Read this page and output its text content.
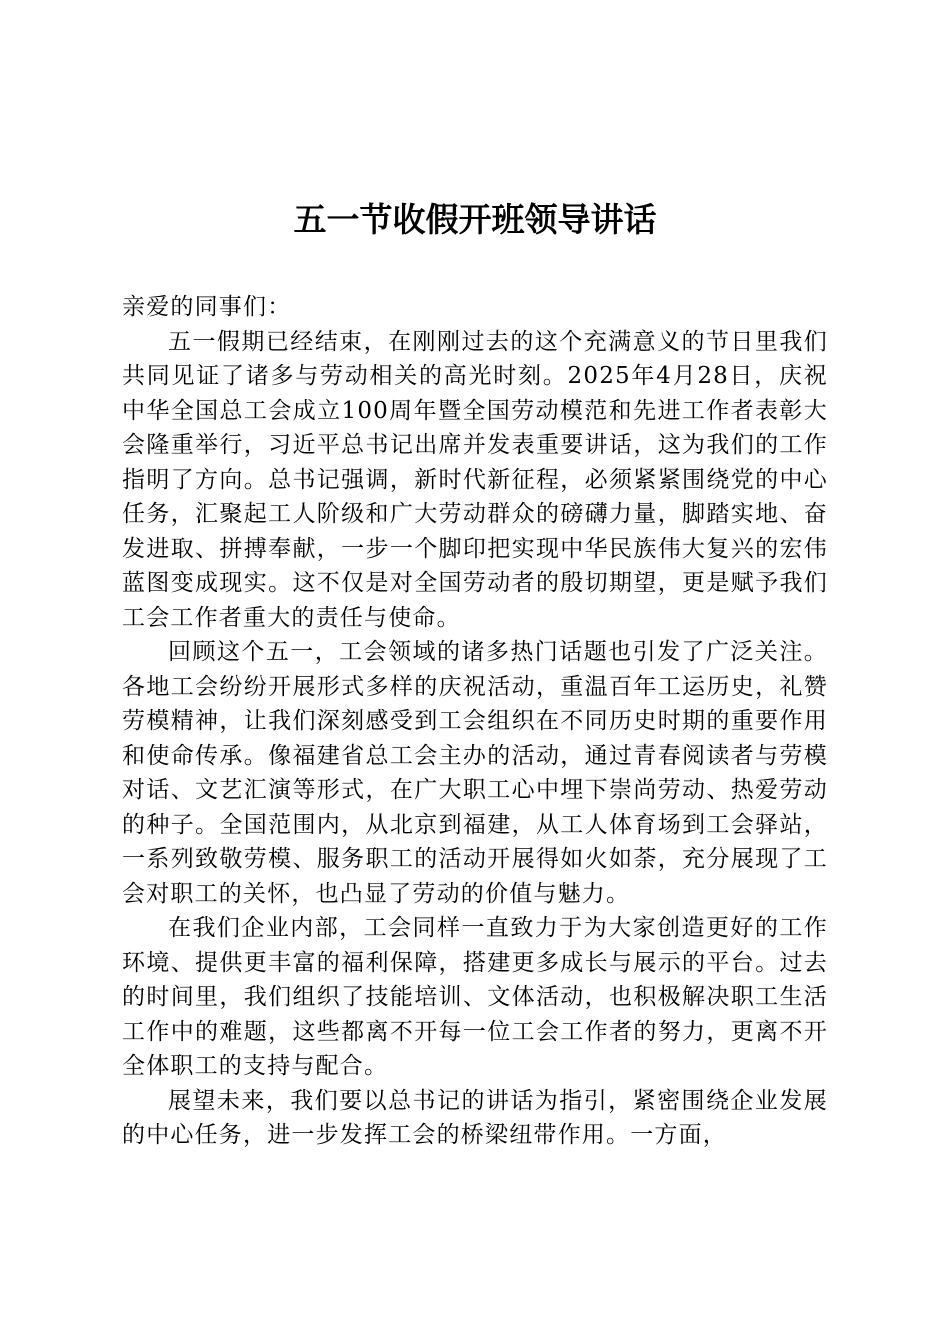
五一节收假开班领导讲话

亲爱的同事们：

五一假期已经结束，在刚刚过去的这个充满意义的节日里我们共同见证了诸多与劳动相关的高光时刻。2025年4月28日，庆祝中华全国总工会成立100周年暨全国劳动模范和先进工作者表彰大会隆重举行，习近平总书记出席并发表重要讲话，这为我们的工作指明了方向。总书记强调，新时代新征程，必须紧紧围绕党的中心任务，汇聚起工人阶级和广大劳动群众的磅礴力量，脚踏实地、奋发进取、拼搏奉献，一步一个脚印把实现中华民族伟大复兴的宏伟蓝图变成现实。这不仅是对全国劳动者的殷切期望，更是赋予我们工会工作者重大的责任与使命。

回顾这个五一，工会领域的诸多热门话题也引发了广泛关注。各地工会纷纷开展形式多样的庆祝活动，重温百年工运历史，礼赞劳模精神，让我们深刻感受到工会组织在不同历史时期的重要作用和使命传承。像福建省总工会主办的活动，通过青春阅读者与劳模对话、文艺汇演等形式，在广大职工心中埋下崇尚劳动、热爱劳动的种子。全国范围内，从北京到福建，从工人体育场到工会驿站，一系列致敬劳模、服务职工的活动开展得如火如荼，充分展现了工会对职工的关怀，也凸显了劳动的价值与魅力。

在我们企业内部，工会同样一直致力于为大家创造更好的工作环境、提供更丰富的福利保障，搭建更多成长与展示的平台。过去的时间里，我们组织了技能培训、文体活动，也积极解决职工生活工作中的难题，这些都离不开每一位工会工作者的努力，更离不开全体职工的支持与配合。

展望未来，我们要以总书记的讲话为指引，紧密围绕企业发展的中心任务，进一步发挥工会的桥梁纽带作用。一方面，
